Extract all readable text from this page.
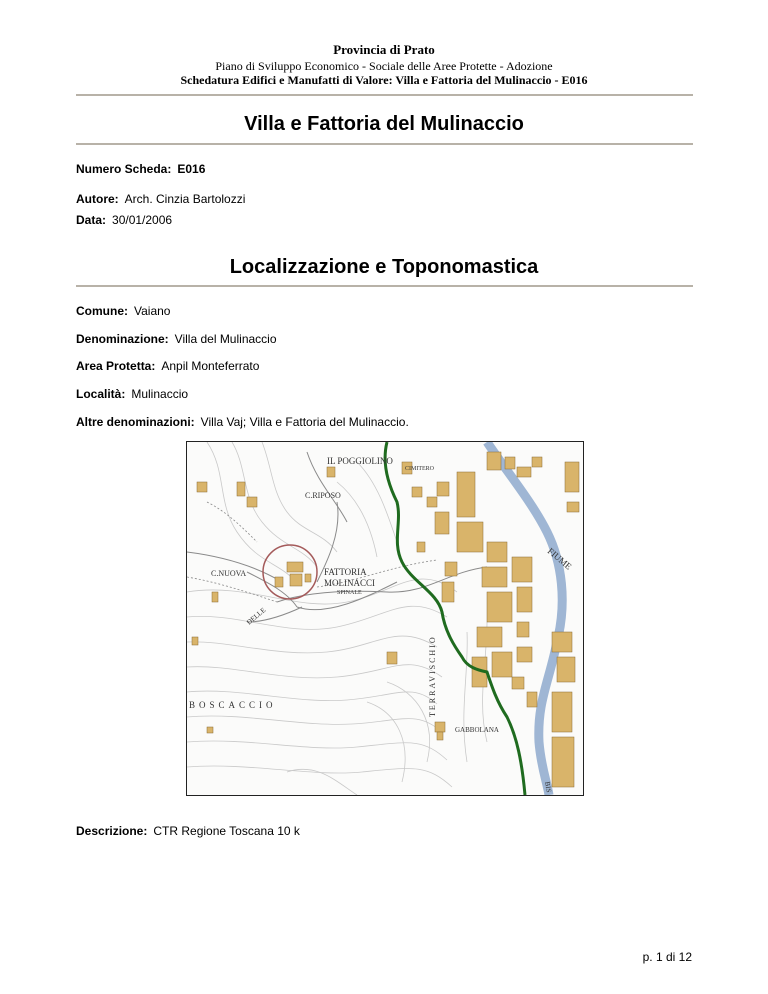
Provincia di Prato
Piano di Sviluppo Economico - Sociale delle Aree Protette - Adozione
Schedatura Edifici e Manufatti di Valore: Villa e Fattoria del Mulinaccio - E016
Villa e Fattoria del Mulinaccio
Numero Scheda: E016
Autore: Arch. Cinzia Bartolozzi
Data: 30/01/2006
Localizzazione e Toponomastica
Comune: Vaiano
Denominazione: Villa del Mulinaccio
Area Protetta: Anpil Monteferrato
Località: Mulinaccio
Altre denominazioni: Villa Vaj; Villa e Fattoria del Mulinaccio.
IL POGGIOLINO
CIMITERO
C.RIPOSO
C.NUOVA	FATTORIA
MOLINACCI
SPINALE
DELLE
TERRAVISCHIO
BOSCACCIO
GABBOLANA
FIUME
BIS
Descrizione: CTR Regione Toscana 10 k
p. 1 di 12
